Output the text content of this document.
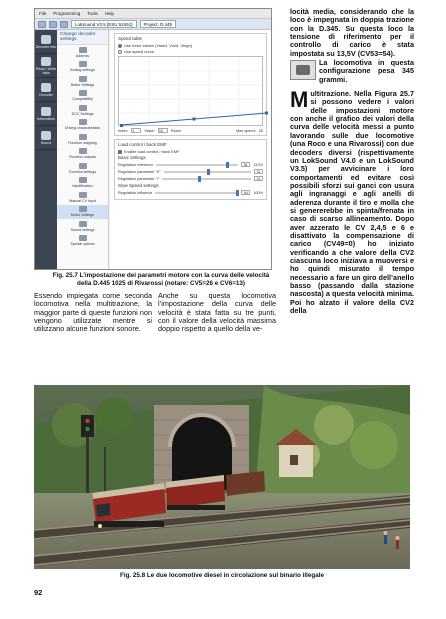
File Programming Tools Help
LokSound V3.5 [ESU 52451]	Project: D.445
Decoder info
Read / Write data
Decoder
Information
Sound
Change decoder settings
Address
Analog settings
Brake Settings
Compatibility
DCC Settings
Driving characteristics
Function mapping
Function outputs
Function settings
Identification
Manual CV input
Motor Settings
Sound settings
Special options
Speed table
Use three values (Vstart, Vmid, Vhigh)
Use speed curve
Index: 1	Value: 10	Reset	Max speed: 26
Load control / back EMF
Enable load control / back EMF
Basic settings
Regulation reference	54	13,5V
Regulation parameter "K"	32
Regulation parameter "I"	24
Slow Speed settings
Regulation influence	64	100%
Fig. 25.7 L’impostazione dei parametri motore con la curva delle velocità
della D.445 1025 di Rivarossi (notare: CV5=26 e CV6=13)

Essendo impiegata come seconda locomotiva nella multitrazione, la maggior parte di queste funzioni non vengono utilizzate mentre si utilizzano alcune funzioni sonore.

Anche su questa locomotiva l’impostazione della curva delle velocità è stata fatta su tre punti, con il valore della velocità massima doppio rispetto a quello della ve-

locità media, considerando che la loco è impegnata in doppia trazione con la D.345. Su questa loco la tensione di riferimento per il controllo di carico è stata impostata su 13,5V (CV53=54).

La locomotiva in questa configurazione pesa 345 grammi.

Multitrazione. Nella Figura 25.7 si possono vedere i valori delle impostazioni motore con anche il grafico dei valori della curva delle velocità messi a punto lavorando sulle due locomotive (una Roco e una Rivarossi) con due decoders diversi (rispettivamente un LokSound V4.0 e un LokSound V3.5) per avvicinare i loro comportamenti ed evitare così possibili sforzi sui ganci con usura agli ingranaggi e agli anelli di aderenza durante il tiro e molla che si genererebbe in spinta/frenata in caso di scarso allineamento. Dopo aver azzerato le CV 2,4,5 e 6 e disattivato la compensazione di carico (CV49=0) ho iniziato verificando a che valore della CV2 ciascuna loco iniziava a muoversi e ho quindi misurato il tempo necessario a fare un giro dell’anello basso (passando dalla stazione nascosta) a questa velocità minima. Poi ho alzato il valore della CV2 della

Fig. 25.8 Le due locomotive diesel in circolazione sul binario illegale
92
